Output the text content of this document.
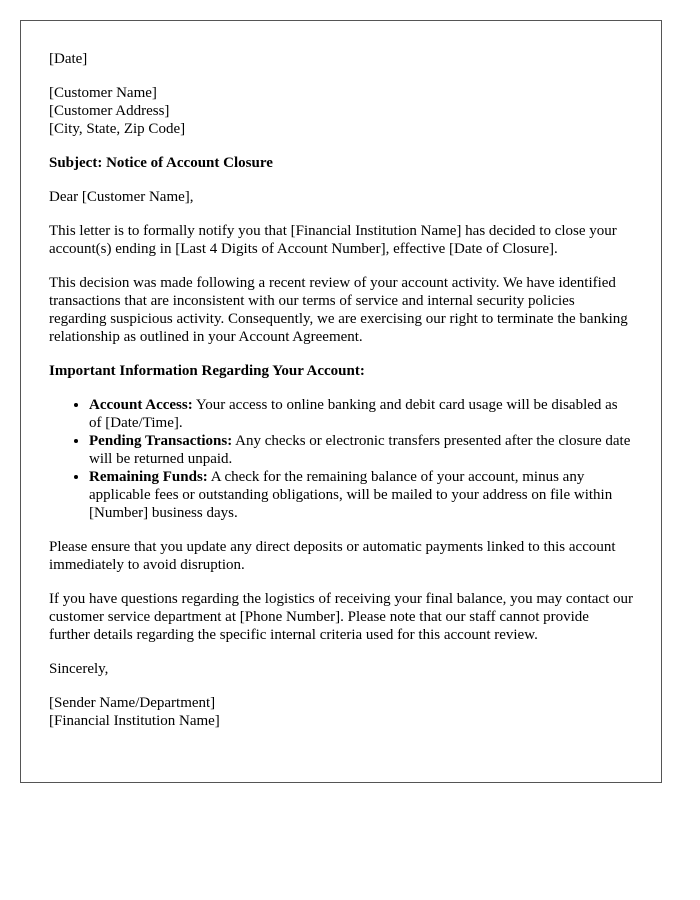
[Date]

[Customer Name]
[Customer Address]
[City, State, Zip Code]

Subject: Notice of Account Closure

Dear [Customer Name],

This letter is to formally notify you that [Financial Institution Name] has decided to close your account(s) ending in [Last 4 Digits of Account Number], effective [Date of Closure].

This decision was made following a recent review of your account activity. We have identified transactions that are inconsistent with our terms of service and internal security policies regarding suspicious activity. Consequently, we are exercising our right to terminate the banking relationship as outlined in your Account Agreement.

Important Information Regarding Your Account:

• Account Access: Your access to online banking and debit card usage will be disabled as of [Date/Time].
• Pending Transactions: Any checks or electronic transfers presented after the closure date will be returned unpaid.
• Remaining Funds: A check for the remaining balance of your account, minus any applicable fees or outstanding obligations, will be mailed to your address on file within [Number] business days.

Please ensure that you update any direct deposits or automatic payments linked to this account immediately to avoid disruption.

If you have questions regarding the logistics of receiving your final balance, you may contact our customer service department at [Phone Number]. Please note that our staff cannot provide further details regarding the specific internal criteria used for this account review.

Sincerely,

[Sender Name/Department]
[Financial Institution Name]
